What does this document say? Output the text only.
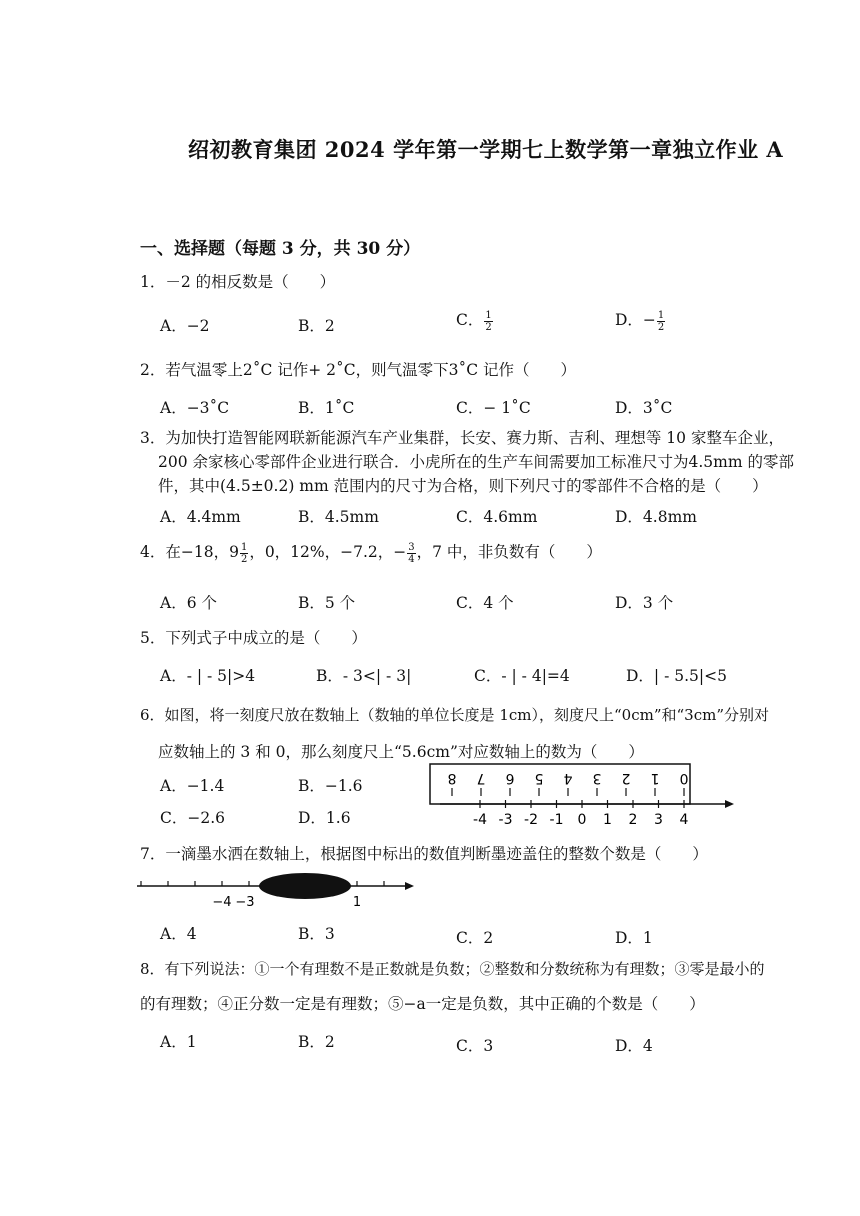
绍初教育集团 2024 学年第一学期七上数学第一章独立作业 A
一、选择题（每题 3 分，共 30 分）
1．－2 的相反数是（　　）
A．−2	B．2	C． $\frac{1}{2}$	D．− $\frac{1}{2}$
2．若气温零上2˚C 记作+ 2˚C，则气温零下3˚C 记作（　　）
A．−3˚C	B．1˚C	C．− 1˚C	D．3˚C
3．为加快打造智能网联新能源汽车产业集群，长安、赛力斯、吉利、理想等 10 家整车企业，
200 余家核心零部件企业进行联合．小虎所在的生产车间需要加工标准尺寸为4.5mm 的零部
件，其中(4.5±0.2) mm 范围内的尺寸为合格，则下列尺寸的零部件不合格的是（　　）
A．4.4mm	B．4.5mm	C．4.6mm	D．4.8mm
4．在−18，$9 \frac{1}{2}$ ，0，12%，−7.2，− $\frac{3}{4}$ ，7 中，非负数有（　　）
A．6 个	B．5 个	C．4 个	D．3 个
5．下列式子中成立的是（　　）
A．- | - 5|>4	B．- 3<| - 3|	C．- | - 4|=4	D．| - 5.5|<5
6．如图，将一刻度尺放在数轴上（数轴的单位长度是 1cm），刻度尺上“0cm”和“3cm”分别对
应数轴上的 3 和 0，那么刻度尺上“5.6cm”对应数轴上的数为（　　）
A．−1.4	B．−1.6
C．−2.6	D．1.6
8 7 6 5 4 3 2 1 0
-4 -3 -2 -1 0 1 2 3 4
7．一滴墨水洒在数轴上，根据图中标出的数值判断墨迹盖住的整数个数是（　　）
−4 −3	1
A．4	B．3	C．2	D．1
8．有下列说法：①一个有理数不是正数就是负数；②整数和分数统称为有理数；③零是最小的
的有理数；④正分数一定是有理数；⑤−a一定是负数，其中正确的个数是（　　）
A．1	B．2	C．3	D．4
